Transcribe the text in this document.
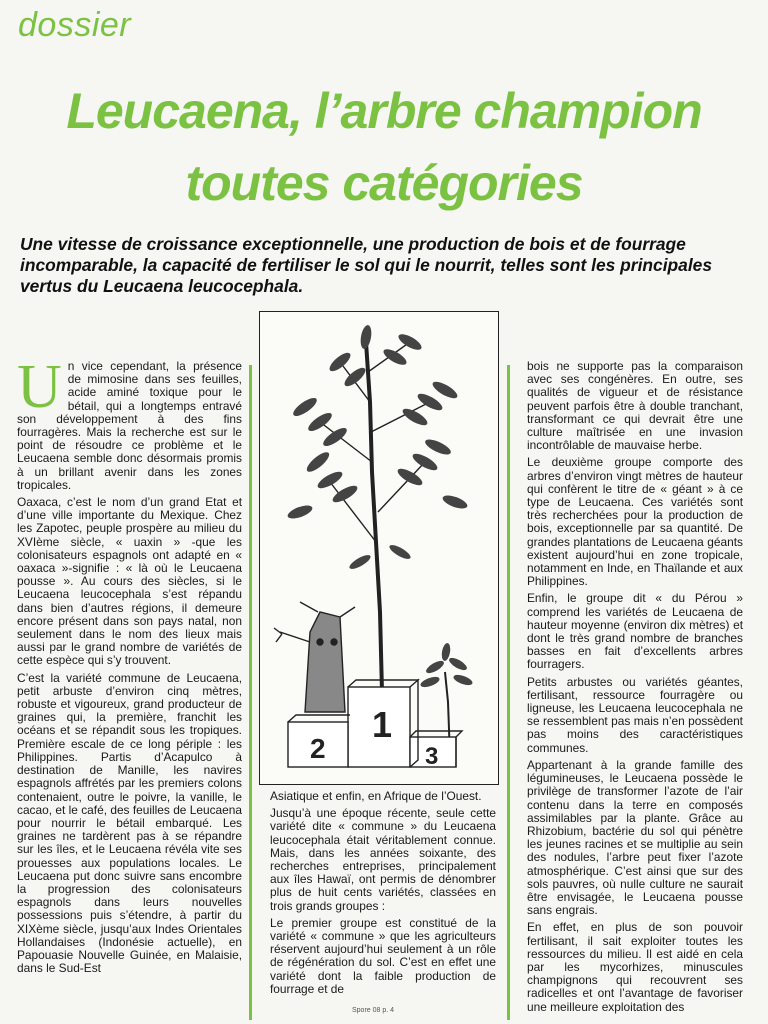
dossier
Leucaena, l’arbre champion
toutes catégories
Une vitesse de croissance exceptionnelle, une production de bois et de fourrage incomparable, la capacité de fertiliser le sol qui le nourrit, telles sont les principales vertus du Leucaena leucocephala.

Un vice cependant, la présence de mimosine dans ses feuilles, acide aminé toxique pour le bétail, qui a longtemps entravé son développement à des fins fourragères. Mais la recherche est sur le point de résoudre ce problème et le Leucaena semble donc désormais promis à un brillant avenir dans les zones tropicales.

Oaxaca, c’est le nom d’un grand Etat et d’une ville importante du Mexique. Chez les Zapotec, peuple prospère au milieu du XVIème siècle, « uaxin » -que les colonisateurs espagnols ont adapté en « oaxaca »-signifie : « là où le Leucaena pousse ». Au cours des siècles, si le Leucaena leucocephala s’est répandu dans bien d’autres régions, il demeure encore présent dans son pays natal, non seulement dans le nom des lieux mais aussi par le grand nombre de variétés de cette espèce qui s’y trouvent.

C’est la variété commune de Leucaena, petit arbuste d’environ cinq mètres, robuste et vigoureux, grand producteur de graines qui, la première, franchit les océans et se répandit sous les tropiques. Première escale de ce long périple : les Philippines. Partis d’Acapulco à destination de Manille, les navires espagnols affrétés par les premiers colons contenaient, outre le poivre, la vanille, le cacao, et le café, des feuilles de Leucaena pour nourrir le bétail embarqué. Les graines ne tardèrent pas à se répandre sur les îles, et le Leucaena révéla vite ses prouesses aux populations locales. Le Leucaena put donc suivre sans encombre la progression des colonisateurs espagnols dans leurs nouvelles possessions puis s’étendre, à partir du XIXème siècle, jusqu’aux Indes Orientales Hollandaises (Indonésie actuelle), en Papouasie Nouvelle Guinée, en Malaisie, dans le Sud-Est

1
2	3

Asiatique et enfin, en Afrique de l’Ouest.

Jusqu’à une époque récente, seule cette variété dite « commune » du Leucaena leucocephala était véritablement connue. Mais, dans les années soixante, des recherches entreprises, principalement aux îles Hawaï, ont permis de dénombrer plus de huit cents variétés, classées en trois grands groupes :

Le premier groupe est constitué de la variété « commune » que les agriculteurs réservent aujourd’hui seulement à un rôle de régénération du sol. C’est en effet une variété dont la faible production de fourrage et de

bois ne supporte pas la comparaison avec ses congénères. En outre, ses qualités de vigueur et de résistance peuvent parfois être à double tranchant, transformant ce qui devrait être une culture maîtrisée en une invasion incontrôlable de mauvaise herbe.

Le deuxième groupe comporte des arbres d’environ vingt mètres de hauteur qui confèrent le titre de « géant » à ce type de Leucaena. Ces variétés sont très recherchées pour la production de bois, exceptionnelle par sa quantité. De grandes plantations de Leucaena géants existent aujourd’hui en zone tropicale, notamment en Inde, en Thaïlande et aux Philippines.

Enfin, le groupe dit « du Pérou » comprend les variétés de Leucaena de hauteur moyenne (environ dix mètres) et dont le très grand nombre de branches basses en fait d’excellents arbres fourragers.

Petits arbustes ou variétés géantes, fertilisant, ressource fourragère ou ligneuse, les Leucaena leucocephala ne se ressemblent pas mais n’en possèdent pas moins des caractéristiques communes.

Appartenant à la grande famille des légumineuses, le Leucaena possède le privilège de transformer l’azote de l’air contenu dans la terre en composés assimilables par la plante. Grâce au Rhizobium, bactérie du sol qui pénètre les jeunes racines et se multiplie au sein des nodules, l’arbre peut fixer l’azote atmosphérique. C’est ainsi que sur des sols pauvres, où nulle culture ne saurait être envisagée, le Leucaena pousse sans engrais.

En effet, en plus de son pouvoir fertilisant, il sait exploiter toutes les ressources du milieu. Il est aidé en cela par les mycorhizes, minuscules champignons qui recouvrent ses radicelles et ont l’avantage de favoriser une meilleure exploitation des

Spore 08 p. 4
